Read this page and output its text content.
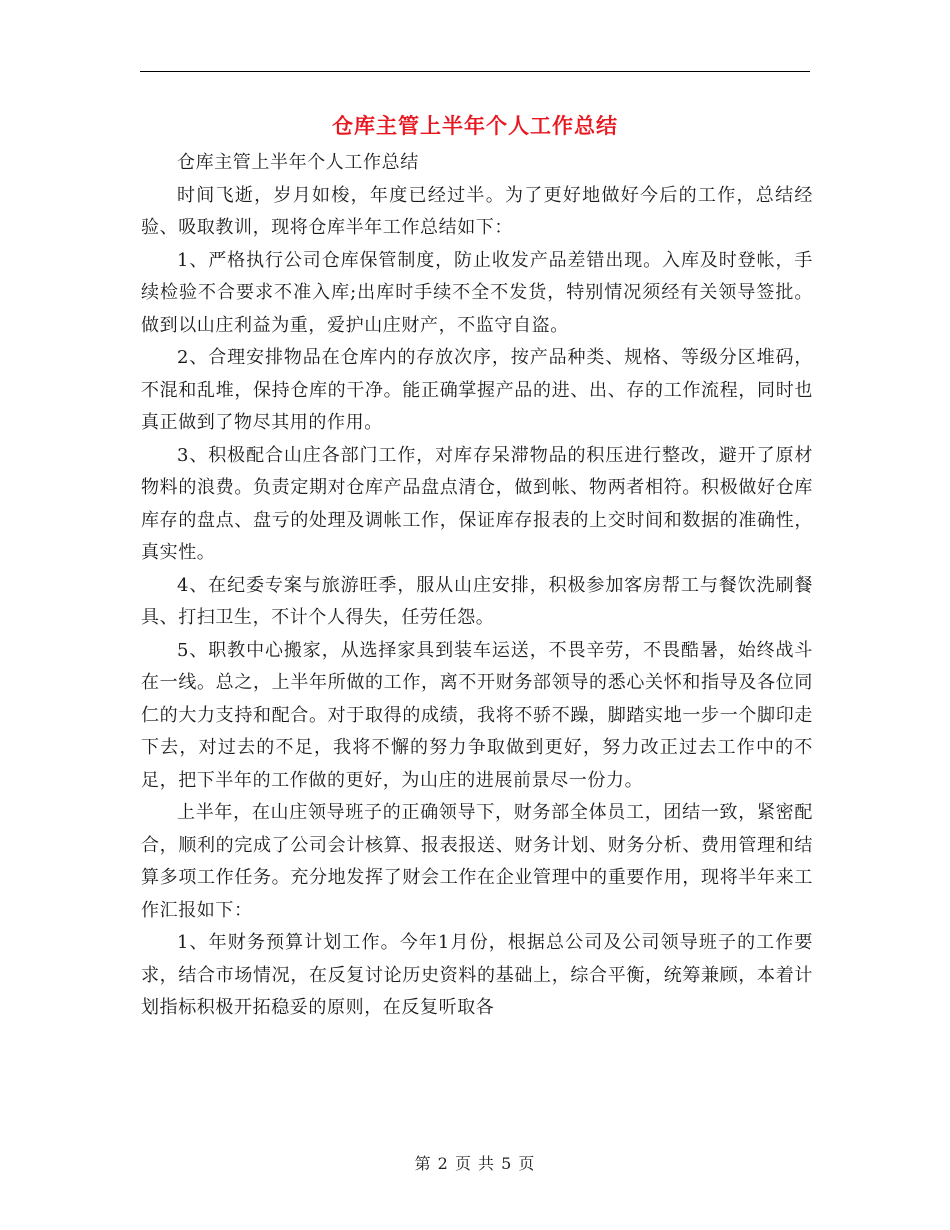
仓库主管上半年个人工作总结

仓库主管上半年个人工作总结

时间飞逝，岁月如梭，年度已经过半。为了更好地做好今后的工作，总结经验、吸取教训，现将仓库半年工作总结如下：

1、严格执行公司仓库保管制度，防止收发产品差错出现。入库及时登帐，手续检验不合要求不准入库;出库时手续不全不发货，特别情况须经有关领导签批。做到以山庄利益为重，爱护山庄财产，不监守自盗。

2、合理安排物品在仓库内的存放次序，按产品种类、规格、等级分区堆码，不混和乱堆，保持仓库的干净。能正确掌握产品的进、出、存的工作流程，同时也真正做到了物尽其用的作用。

3、积极配合山庄各部门工作，对库存呆滞物品的积压进行整改，避开了原材物料的浪费。负责定期对仓库产品盘点清仓，做到帐、物两者相符。积极做好仓库库存的盘点、盘亏的处理及调帐工作，保证库存报表的上交时间和数据的准确性，真实性。

4、在纪委专案与旅游旺季，服从山庄安排，积极参加客房帮工与餐饮洗刷餐具、打扫卫生，不计个人得失，任劳任怨。

5、职教中心搬家，从选择家具到装车运送，不畏辛劳，不畏酷暑，始终战斗在一线。总之，上半年所做的工作，离不开财务部领导的悉心关怀和指导及各位同仁的大力支持和配合。对于取得的成绩，我将不骄不躁，脚踏实地一步一个脚印走下去，对过去的不足，我将不懈的努力争取做到更好，努力改正过去工作中的不足，把下半年的工作做的更好，为山庄的进展前景尽一份力。

上半年，在山庄领导班子的正确领导下，财务部全体员工，团结一致，紧密配合，顺利的完成了公司会计核算、报表报送、财务计划、财务分析、费用管理和结算多项工作任务。充分地发挥了财会工作在企业管理中的重要作用，现将半年来工作汇报如下：

1、年财务预算计划工作。今年1月份，根据总公司及公司领导班子的工作要求，结合市场情况，在反复讨论历史资料的基础上，综合平衡，统筹兼顾，本着计划指标积极开拓稳妥的原则，在反复听取各

第 2 页 共 5 页
